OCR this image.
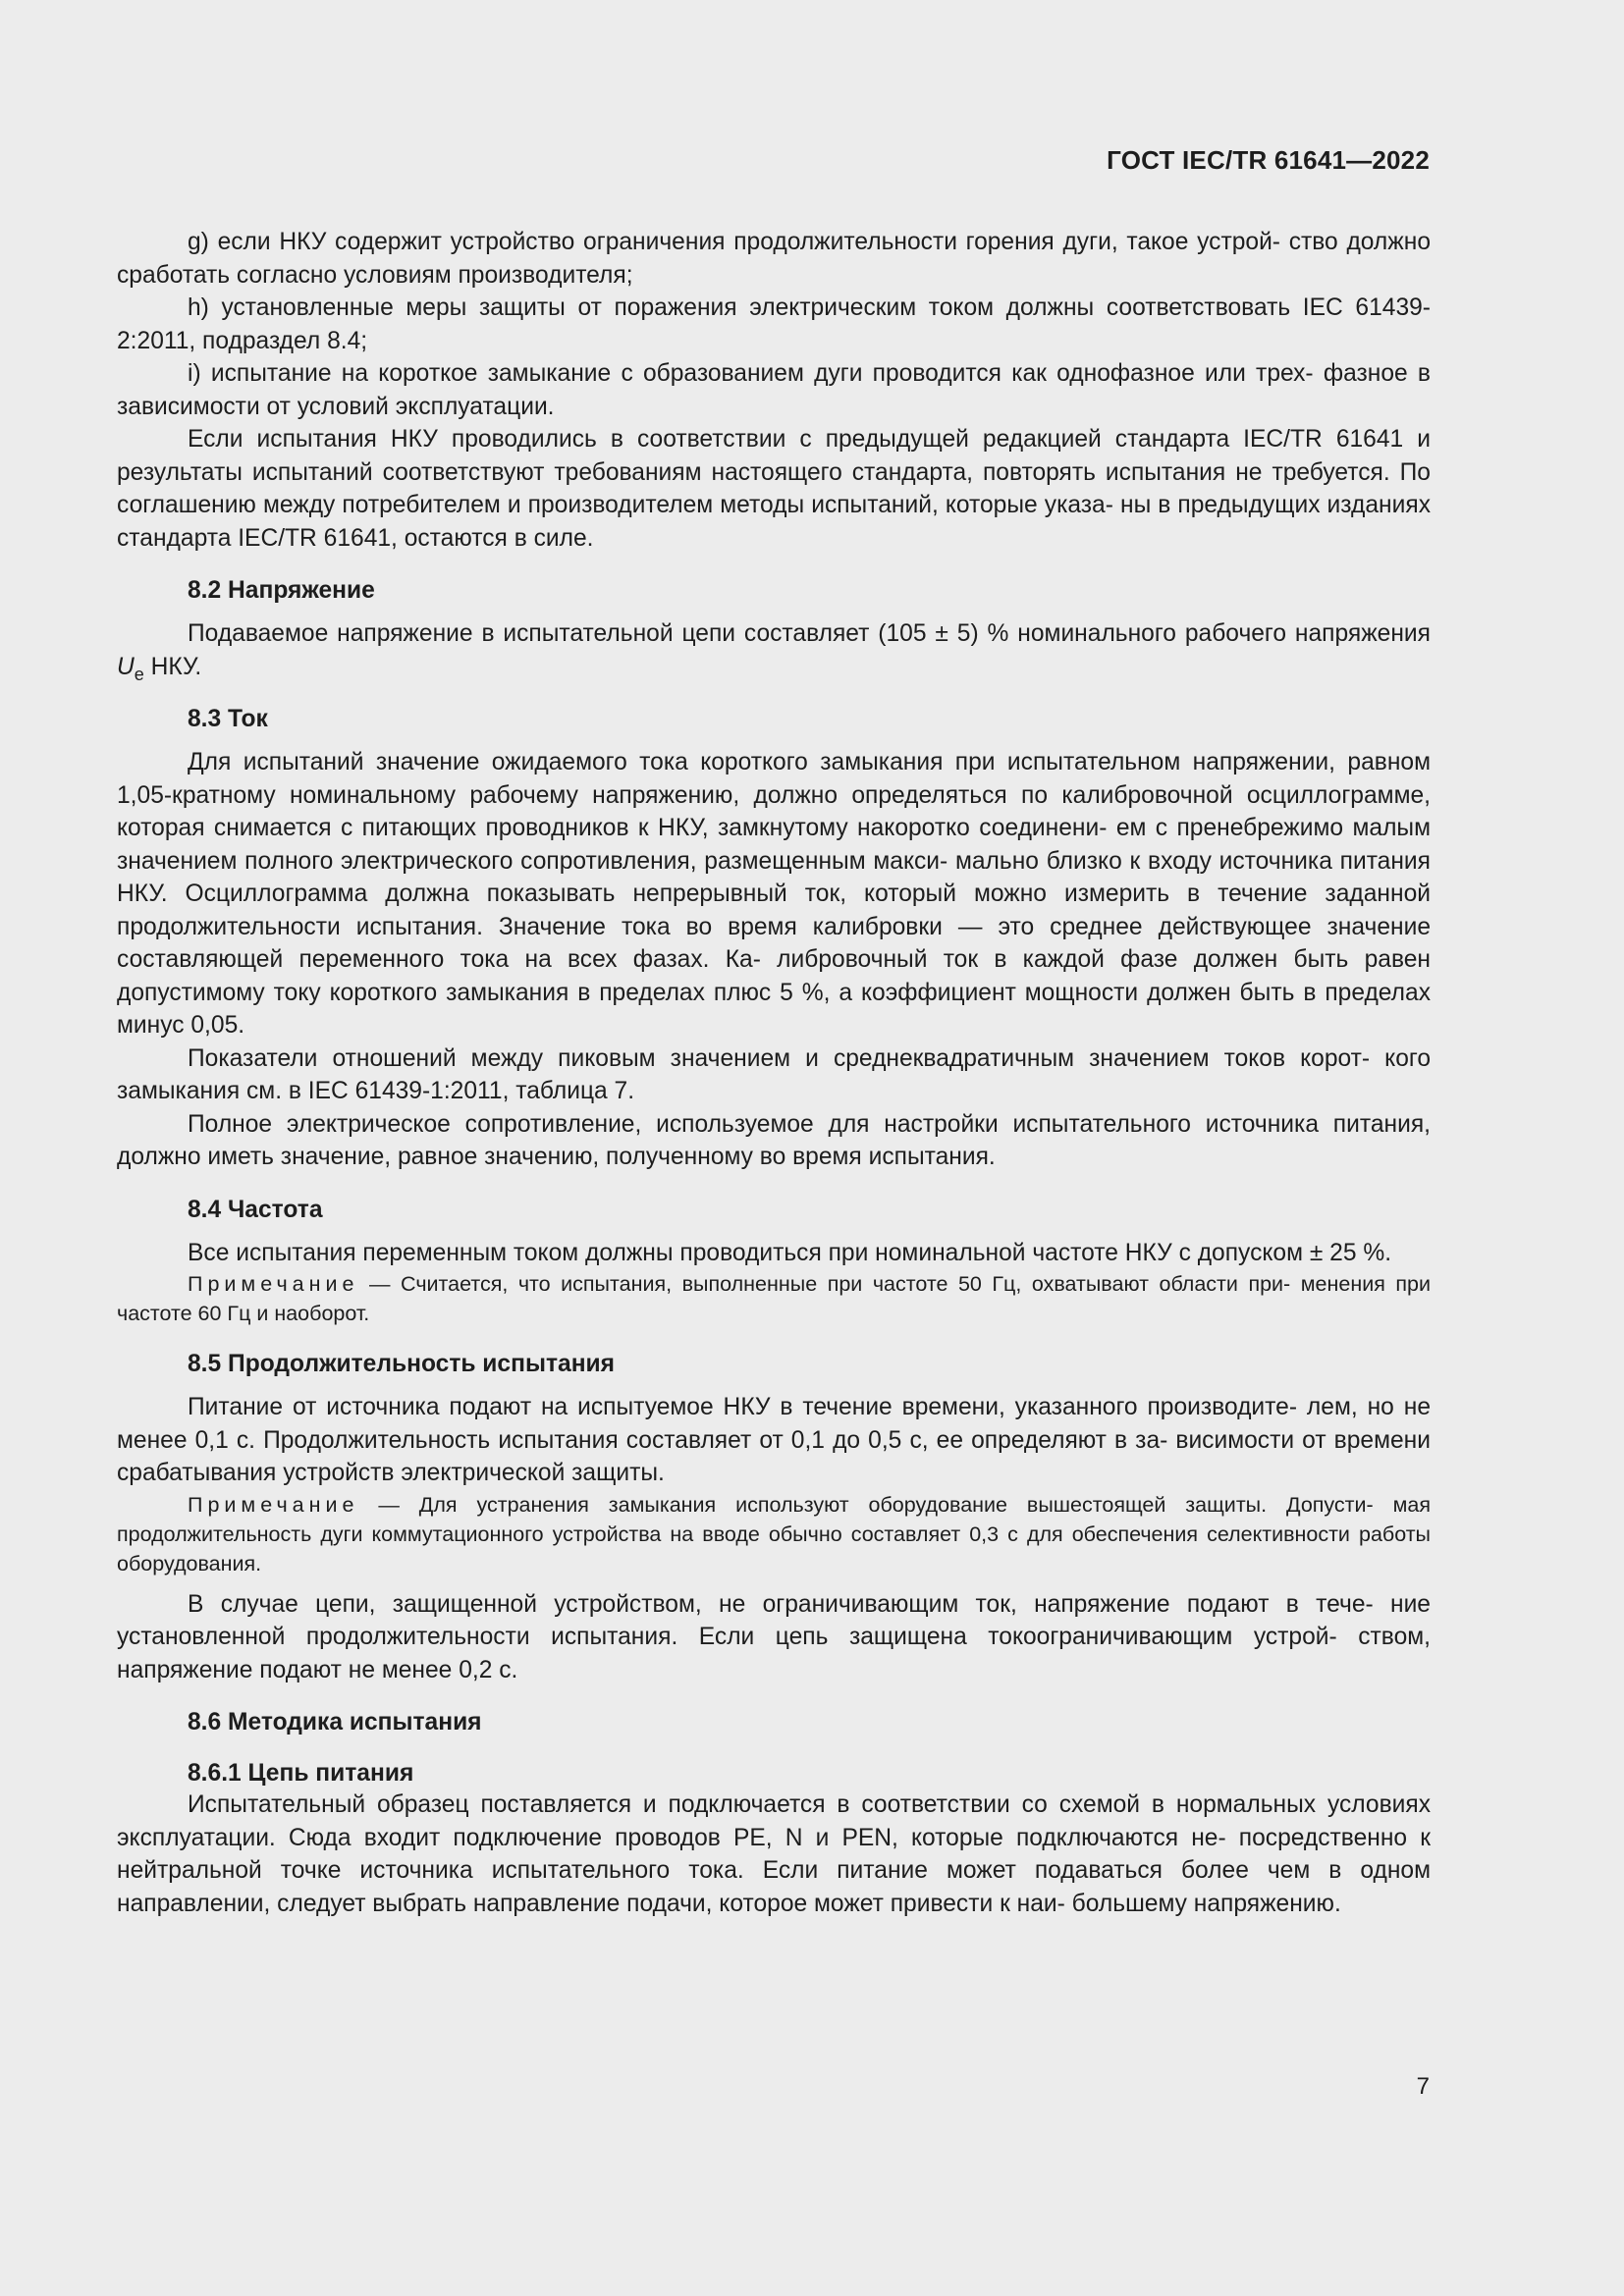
ГОСТ IEC/TR 61641—2022

g) если НКУ содержит устройство ограничения продолжительности горения дуги, такое устрой- ство должно сработать согласно условиям производителя;

h) установленные меры защиты от поражения электрическим током должны соответствовать IEC 61439-2:2011, подраздел 8.4;

i) испытание на короткое замыкание с образованием дуги проводится как однофазное или трех- фазное в зависимости от условий эксплуатации.

Если испытания НКУ проводились в соответствии с предыдущей редакцией стандарта IEC/TR 61641 и результаты испытаний соответствуют требованиям настоящего стандарта, повторять испытания не требуется. По соглашению между потребителем и производителем методы испытаний, которые указа- ны в предыдущих изданиях стандарта IEC/TR 61641, остаются в силе.

8.2 Напряжение

Подаваемое напряжение в испытательной цепи составляет (105 ± 5) % номинального рабочего напряжения $U_e$ НКУ.

8.3 Ток

Для испытаний значение ожидаемого тока короткого замыкания при испытательном напряжении, равном 1,05-кратному номинальному рабочему напряжению, должно определяться по калибровочной осциллограмме, которая снимается с питающих проводников к НКУ, замкнутому накоротко соединени- ем с пренебрежимо малым значением полного электрического сопротивления, размещенным макси- мально близко к входу источника питания НКУ. Осциллограмма должна показывать непрерывный ток, который можно измерить в течение заданной продолжительности испытания. Значение тока во время калибровки — это среднее действующее значение составляющей переменного тока на всех фазах. Ка- либровочный ток в каждой фазе должен быть равен допустимому току короткого замыкания в пределах плюс 5 %, а коэффициент мощности должен быть в пределах минус 0,05.

Показатели отношений между пиковым значением и среднеквадратичным значением токов корот- кого замыкания см. в IEC 61439-1:2011, таблица 7.

Полное электрическое сопротивление, используемое для настройки испытательного источника питания, должно иметь значение, равное значению, полученному во время испытания.

8.4 Частота

Все испытания переменным током должны проводиться при номинальной частоте НКУ с допуском ± 25 %.

Примечание — Считается, что испытания, выполненные при частоте 50 Гц, охватывают области при- менения при частоте 60 Гц и наоборот.

8.5 Продолжительность испытания

Питание от источника подают на испытуемое НКУ в течение времени, указанного производите- лем, но не менее 0,1 с. Продолжительность испытания составляет от 0,1 до 0,5 с, ее определяют в за- висимости от времени срабатывания устройств электрической защиты.

Примечание — Для устранения замыкания используют оборудование вышестоящей защиты. Допусти- мая продолжительность дуги коммутационного устройства на вводе обычно составляет 0,3 с для обеспечения селективности работы оборудования.

В случае цепи, защищенной устройством, не ограничивающим ток, напряжение подают в тече- ние установленной продолжительности испытания. Если цепь защищена токоограничивающим устрой- ством, напряжение подают не менее 0,2 с.

8.6 Методика испытания
8.6.1 Цепь питания

Испытательный образец поставляется и подключается в соответствии со схемой в нормальных условиях эксплуатации. Сюда входит подключение проводов PE, N и PEN, которые подключаются не- посредственно к нейтральной точке источника испытательного тока. Если питание может подаваться более чем в одном направлении, следует выбрать направление подачи, которое может привести к наи- большему напряжению.

7
